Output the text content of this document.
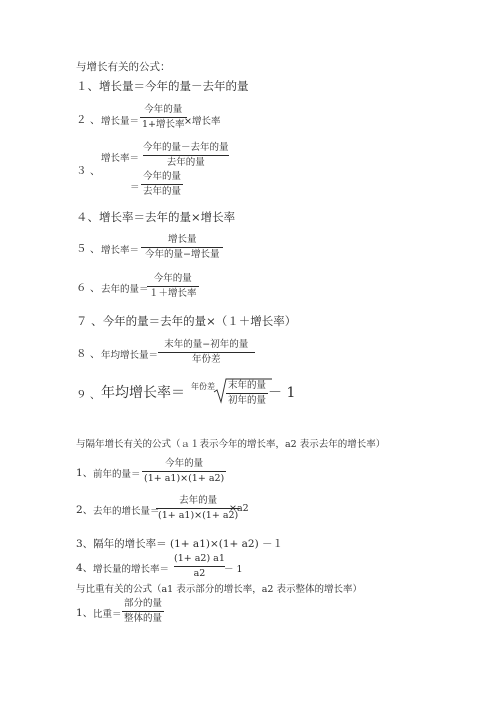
与增长有关的公式：
１、增长量＝今年的量－去年的量
２ 、 增长量＝
今年的量
1+增长率 ×增长率
３ 、
增长率＝
今年的量－去年的量
去年的量
＝
今年的量
去年的量
４、增长率＝去年的量×增长率
５ 、 增长率＝
增长量
今年的量−增长量
６ 、 去年的量＝
今年的量
１＋增长率
７ 、今年的量＝去年的量×（１＋增长率）
８ 、 年均增长量＝
末年的量−初年的量
年份差
９ 、 年均增长率＝ 年份差 末年的量
初年的量 － 1
与隔年增长有关的公式（ａ１表示今年的增长率，a2 表示去年的增长率）
1、 前年的量＝
今年的量
(1+ a1)×(1+ a2)
2、 去年的增长量＝
去年的量
(1+ a1)×(1+ a2)
×a2
3、隔年的增长率＝ (1+ a1)×(1+ a2) －１
4、 增长量的增长率＝ $\frac{(1+ a2) a1}{a2}$
－ 1
与比重有关的公式（a1 表示部分的增长率，a2 表示整体的增长率）
1、 比重＝
部分的量
整体的量
